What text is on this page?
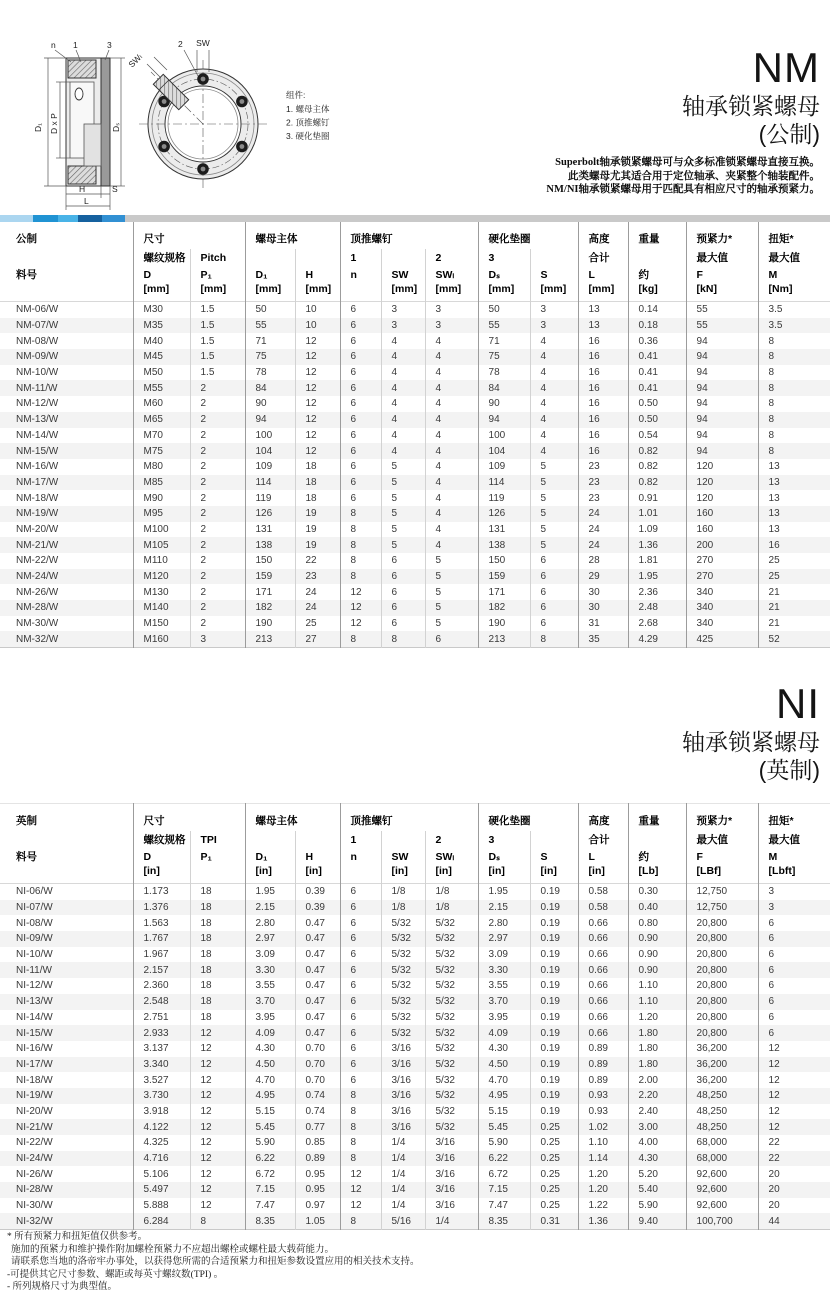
n 1	3
D₁ D x P	Dₛ
H	S
L
2 SW
SWₗ
组件:
1. 螺母主体
2. 顶推螺钉
3. 硬化垫圈
NM
轴承锁紧螺母
(公制)
Superbolt轴承锁紧螺母可与众多标准锁紧螺母直接互换。
此类螺母尤其适合用于定位轴承、夹紧整个轴装配件。
NM/NI轴承锁紧螺母用于匹配具有相应尺寸的轴承预紧力。
公制	尺寸		螺母主体		顶推螺钉			硬化垫圈		高度	重量	预紧力*	扭矩*
	螺纹规格	Pitch			1		2	3		合计		最大值	最大值
料号	D	P₁	D₁	H	n	SW	SWₗ	Dₛ	S	L	约	F	M
	[mm]	[mm]	[mm]	[mm]		[mm]	[mm]	[mm]	[mm]	[mm]	[kg]	[kN]	[Nm]
NM-06/W	M30	1.5	50	10	6	3	3	50	3	13	0.14	55	3.5
NM-07/W	M35	1.5	55	10	6	3	3	55	3	13	0.18	55	3.5
NM-08/W	M40	1.5	71	12	6	4	4	71	4	16	0.36	94	8
NM-09/W	M45	1.5	75	12	6	4	4	75	4	16	0.41	94	8
NM-10/W	M50	1.5	78	12	6	4	4	78	4	16	0.41	94	8
NM-11/W	M55	2	84	12	6	4	4	84	4	16	0.41	94	8
NM-12/W	M60	2	90	12	6	4	4	90	4	16	0.50	94	8
NM-13/W	M65	2	94	12	6	4	4	94	4	16	0.50	94	8
NM-14/W	M70	2	100	12	6	4	4	100	4	16	0.54	94	8
NM-15/W	M75	2	104	12	6	4	4	104	4	16	0.82	94	8
NM-16/W	M80	2	109	18	6	5	4	109	5	23	0.82	120	13
NM-17/W	M85	2	114	18	6	5	4	114	5	23	0.82	120	13
NM-18/W	M90	2	119	18	6	5	4	119	5	23	0.91	120	13
NM-19/W	M95	2	126	19	8	5	4	126	5	24	1.01	160	13
NM-20/W	M100	2	131	19	8	5	4	131	5	24	1.09	160	13
NM-21/W	M105	2	138	19	8	5	4	138	5	24	1.36	200	16
NM-22/W	M110	2	150	22	8	6	5	150	6	28	1.81	270	25
NM-24/W	M120	2	159	23	8	6	5	159	6	29	1.95	270	25
NM-26/W	M130	2	171	24	12	6	5	171	6	30	2.36	340	21
NM-28/W	M140	2	182	24	12	6	5	182	6	30	2.48	340	21
NM-30/W	M150	2	190	25	12	6	5	190	6	31	2.68	340	21
NM-32/W	M160	3	213	27	8	8	6	213	8	35	4.29	425	52
NI
轴承锁紧螺母
(英制)
英制	尺寸		螺母主体		顶推螺钉			硬化垫圈		高度	重量	预紧力*	扭矩*
	螺纹规格	TPI			1		2	3		合计		最大值	最大值
料号	D	P₁	D₁	H	n	SW	SWₗ	Dₛ	S	L	约	F	M
	[in]		[in]	[in]		[in]	[in]	[in]	[in]	[in]	[Lb]	[LBf]	[Lbft]
NI-06/W	1.173	18	1.95	0.39	6	1/8	1/8	1.95	0.19	0.58	0.30	12,750	3
NI-07/W	1.376	18	2.15	0.39	6	1/8	1/8	2.15	0.19	0.58	0.40	12,750	3
NI-08/W	1.563	18	2.80	0.47	6	5/32	5/32	2.80	0.19	0.66	0.80	20,800	6
NI-09/W	1.767	18	2.97	0.47	6	5/32	5/32	2.97	0.19	0.66	0.90	20,800	6
NI-10/W	1.967	18	3.09	0.47	6	5/32	5/32	3.09	0.19	0.66	0.90	20,800	6
NI-11/W	2.157	18	3.30	0.47	6	5/32	5/32	3.30	0.19	0.66	0.90	20,800	6
NI-12/W	2.360	18	3.55	0.47	6	5/32	5/32	3.55	0.19	0.66	1.10	20,800	6
NI-13/W	2.548	18	3.70	0.47	6	5/32	5/32	3.70	0.19	0.66	1.10	20,800	6
NI-14/W	2.751	18	3.95	0.47	6	5/32	5/32	3.95	0.19	0.66	1.20	20,800	6
NI-15/W	2.933	12	4.09	0.47	6	5/32	5/32	4.09	0.19	0.66	1.80	20,800	6
NI-16/W	3.137	12	4.30	0.70	6	3/16	5/32	4.30	0.19	0.89	1.80	36,200	12
NI-17/W	3.340	12	4.50	0.70	6	3/16	5/32	4.50	0.19	0.89	1.80	36,200	12
NI-18/W	3.527	12	4.70	0.70	6	3/16	5/32	4.70	0.19	0.89	2.00	36,200	12
NI-19/W	3.730	12	4.95	0.74	8	3/16	5/32	4.95	0.19	0.93	2.20	48,250	12
NI-20/W	3.918	12	5.15	0.74	8	3/16	5/32	5.15	0.19	0.93	2.40	48,250	12
NI-21/W	4.122	12	5.45	0.77	8	3/16	5/32	5.45	0.25	1.02	3.00	48,250	12
NI-22/W	4.325	12	5.90	0.85	8	1/4	3/16	5.90	0.25	1.10	4.00	68,000	22
NI-24/W	4.716	12	6.22	0.89	8	1/4	3/16	6.22	0.25	1.14	4.30	68,000	22
NI-26/W	5.106	12	6.72	0.95	12	1/4	3/16	6.72	0.25	1.20	5.20	92,600	20
NI-28/W	5.497	12	7.15	0.95	12	1/4	3/16	7.15	0.25	1.20	5.40	92,600	20
NI-30/W	5.888	12	7.47	0.97	12	1/4	3/16	7.47	0.25	1.22	5.90	92,600	20
NI-32/W	6.284	8	8.35	1.05	8	5/16	1/4	8.35	0.31	1.36	9.40	100,700	44
* 所有预紧力和扭矩值仅供参考。
施加的预紧力和维护操作附加螺栓预紧力不应超出螺栓或螺柱最大载荷能力。
请联系您当地的洛帝牢办事处，以获得您所需的合适预紧力和扭矩参数设置应用的相关技术支持。
-可提供其它尺寸参数、螺距或每英寸螺纹数(TPI) 。
- 所列规格尺寸为典型值。
